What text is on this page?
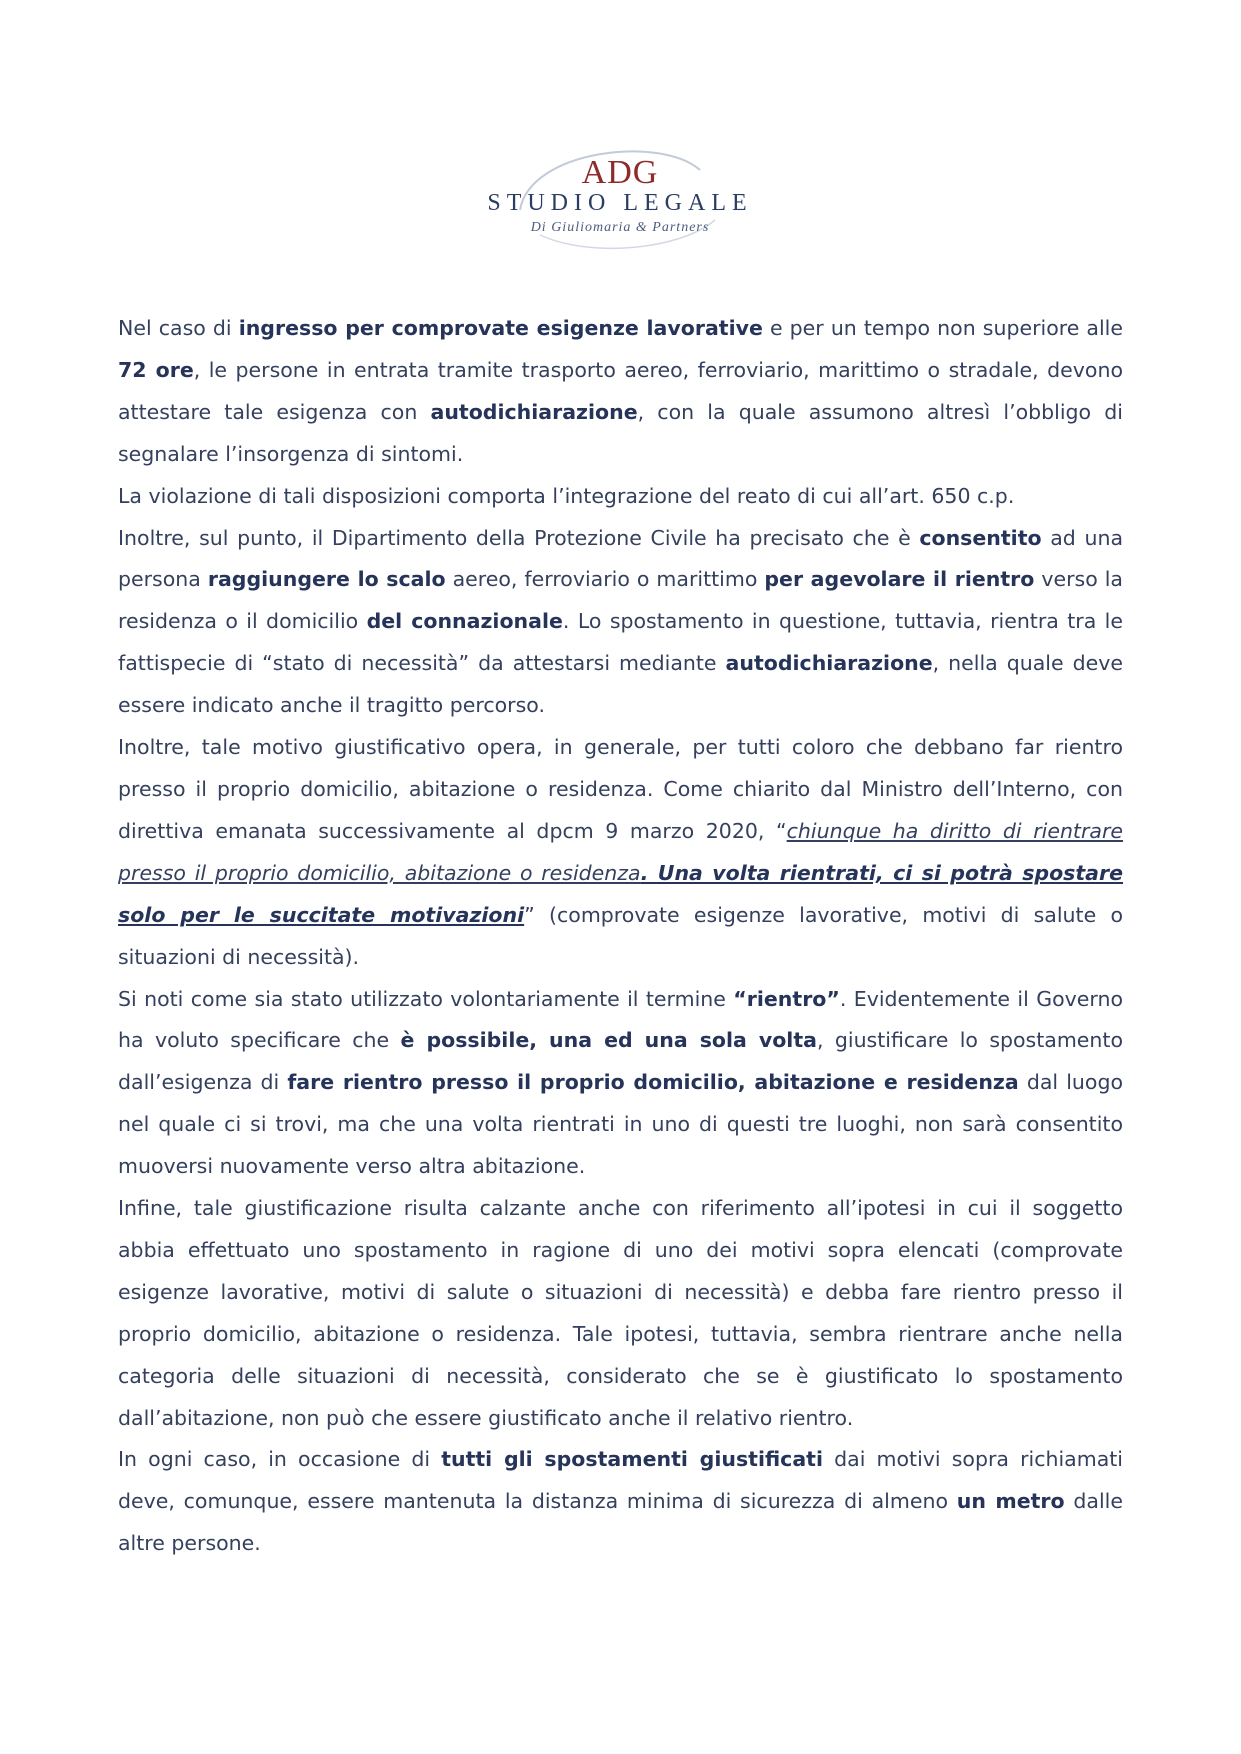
ADG
STUDIO LEGALE
Di Giuliomaria & Partners

Nel caso di ingresso per comprovate esigenze lavorative e per un tempo non superiore alle 72 ore, le persone in entrata tramite trasporto aereo, ferroviario, marittimo o stradale, devono attestare tale esigenza con autodichiarazione, con la quale assumono altresì l’obbligo di segnalare l’insorgenza di sintomi.

La violazione di tali disposizioni comporta l’integrazione del reato di cui all’art. 650 c.p.

Inoltre, sul punto, il Dipartimento della Protezione Civile ha precisato che è consentito ad una persona raggiungere lo scalo aereo, ferroviario o marittimo per agevolare il rientro verso la residenza o il domicilio del connazionale. Lo spostamento in questione, tuttavia, rientra tra le fattispecie di “stato di necessità” da attestarsi mediante autodichiarazione, nella quale deve essere indicato anche il tragitto percorso.

Inoltre, tale motivo giustificativo opera, in generale, per tutti coloro che debbano far rientro presso il proprio domicilio, abitazione o residenza. Come chiarito dal Ministro dell’Interno, con direttiva emanata successivamente al dpcm 9 marzo 2020, “chiunque ha diritto di rientrare presso il proprio domicilio, abitazione o residenza. Una volta rientrati, ci si potrà spostare solo per le succitate motivazioni” (comprovate esigenze lavorative, motivi di salute o situazioni di necessità).

Si noti come sia stato utilizzato volontariamente il termine “rientro”. Evidentemente il Governo ha voluto specificare che è possibile, una ed una sola volta, giustificare lo spostamento dall’esigenza di fare rientro presso il proprio domicilio, abitazione e residenza dal luogo nel quale ci si trovi, ma che una volta rientrati in uno di questi tre luoghi, non sarà consentito muoversi nuovamente verso altra abitazione.

Infine, tale giustificazione risulta calzante anche con riferimento all’ipotesi in cui il soggetto abbia effettuato uno spostamento in ragione di uno dei motivi sopra elencati (comprovate esigenze lavorative, motivi di salute o situazioni di necessità) e debba fare rientro presso il proprio domicilio, abitazione o residenza. Tale ipotesi, tuttavia, sembra rientrare anche nella categoria delle situazioni di necessità, considerato che se è giustificato lo spostamento dall’abitazione, non può che essere giustificato anche il relativo rientro.

In ogni caso, in occasione di tutti gli spostamenti giustificati dai motivi sopra richiamati deve, comunque, essere mantenuta la distanza minima di sicurezza di almeno un metro dalle altre persone.
